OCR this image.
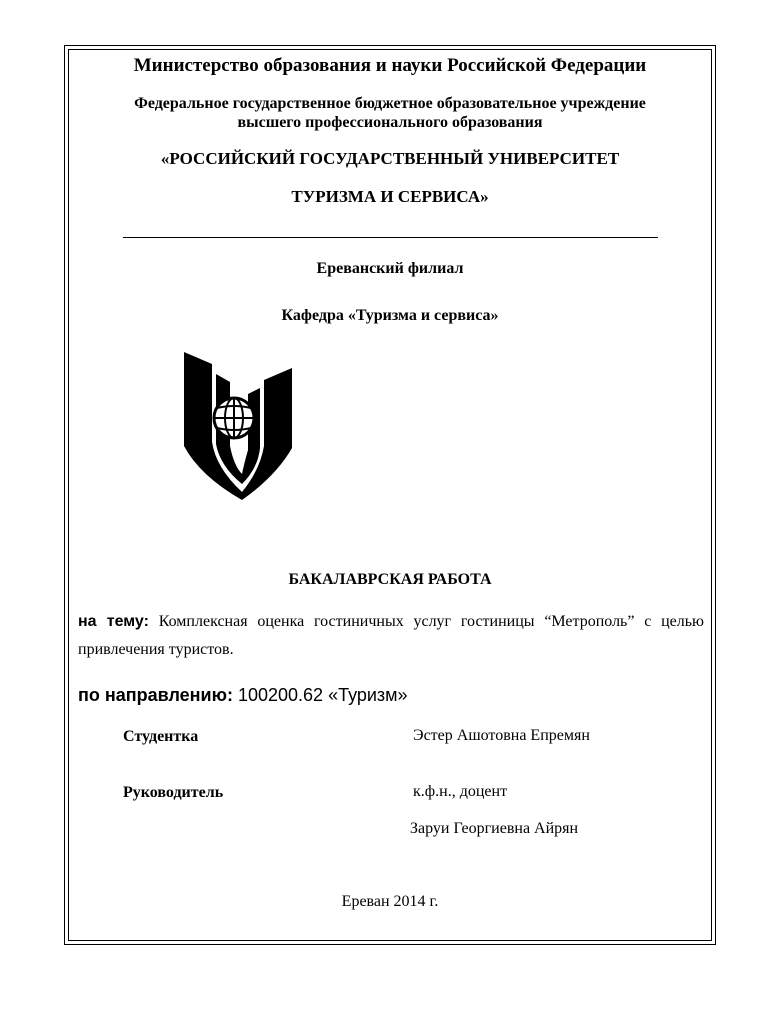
Министерство образования и науки Российской Федерации
Федеральное государственное бюджетное образовательное учреждение
высшего профессионального образования
«РОССИЙСКИЙ ГОСУДАРСТВЕННЫЙ УНИВЕРСИТЕТ
ТУРИЗМА И СЕРВИСА»
Ереванский филиал
Кафедра «Туризма и сервиса»
БАКАЛАВРСКАЯ РАБОТА
на тему: Комплексная оценка гостиничных услуг гостиницы “Метрополь” с целью привлечения туристов.
по направлению: 100200.62 «Туризм»
Студентка	Эстер Ашотовна Епремян
Руководитель	к.ф.н., доцент
Заруи Георгиевна Айрян
Ереван 2014 г.
